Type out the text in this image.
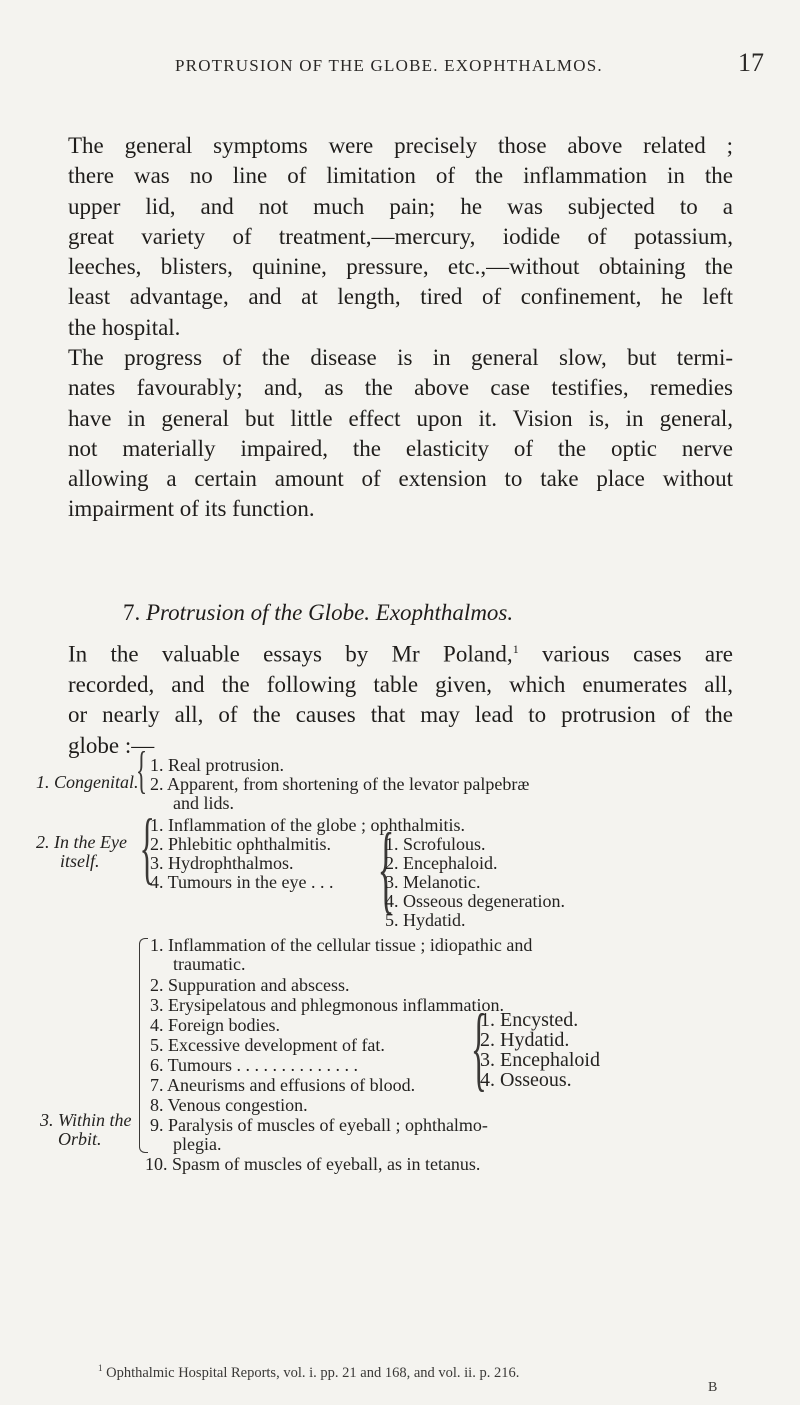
PROTRUSION OF THE GLOBE. EXOPHTHALMOS.	17
The general symptoms were precisely those above related ;
there was no line of limitation of the inflammation in the
upper lid, and not much pain; he was subjected to a
great variety of treatment,—mercury, iodide of potassium,
leeches, blisters, quinine, pressure, etc.,—without obtaining the
least advantage, and at length, tired of confinement, he left
the hospital.
The progress of the disease is in general slow, but termi-
nates favourably; and, as the above case testifies, remedies
have in general but little effect upon it. Vision is, in general,
not materially impaired, the elasticity of the optic nerve
allowing a certain amount of extension to take place without
impairment of its function.
7. Protrusion of the Globe. Exophthalmos.
In the valuable essays by Mr Poland,$^1$ various cases are
recorded, and the following table given, which enumerates all,
or nearly all, of the causes that may lead to protrusion of the
globe :—
1. Congenital.
{ 1. Real protrusion.
2. Apparent, from shortening of the levator palpebræ
and lids.
2. In the Eye
itself. {
1. Inflammation of the globe ; ophthalmitis.
2. Phlebitic ophthalmitis.
3. Hydrophthalmos.
4. Tumours in the eye . . . {
1. Scrofulous.
2. Encephaloid.
3. Melanotic.
4. Osseous degeneration.
5. Hydatid.
3. Within the
Orbit.
1. Inflammation of the cellular tissue ; idiopathic and
traumatic.
2. Suppuration and abscess.
3. Erysipelatous and phlegmonous inflammation.
4. Foreign bodies.
5. Excessive development of fat.
6. Tumours . . . . . . . . . . . . . .
7. Aneurisms and effusions of blood.
8. Venous congestion.
9. Paralysis of muscles of eyeball ; ophthalmo-
plegia.
10. Spasm of muscles of eyeball, as in tetanus.
{
1. Encysted.
2. Hydatid.
3. Encephaloid
4. Osseous.
$^1$ Ophthalmic Hospital Reports, vol. i. pp. 21 and 168, and vol. ii. p. 216.
B
